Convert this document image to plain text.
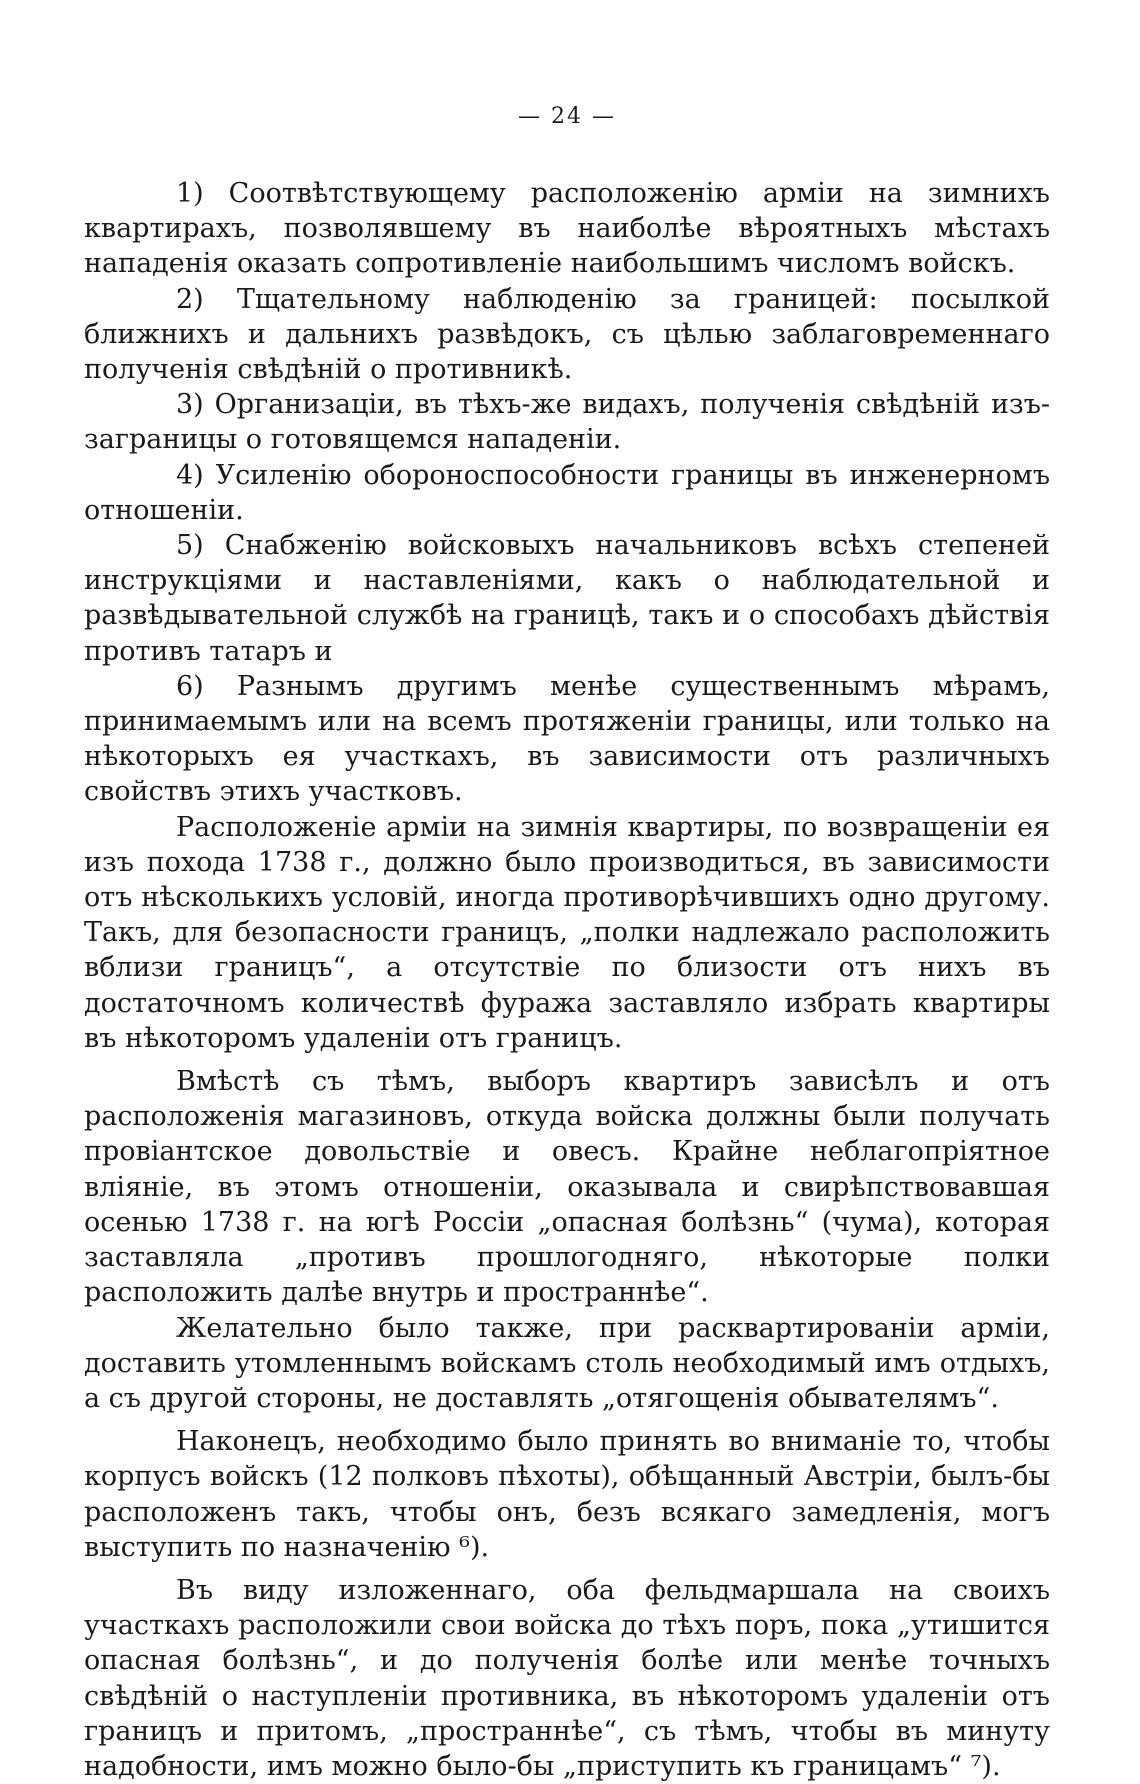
— 24 —

1) Соотвѣтствующему расположенію арміи на зимнихъ квартирахъ, позволявшему въ наиболѣе вѣроятныхъ мѣстахъ нападенія оказать сопротивленіе наибольшимъ числомъ войскъ.

2) Тщательному наблюденію за границей: посылкой ближнихъ и дальнихъ развѣдокъ, съ цѣлью заблаговременнаго полученія свѣдѣній о противникѣ.

3) Организаціи, въ тѣхъ-же видахъ, полученія свѣдѣній изъ-заграницы о готовящемся нападеніи.

4) Усиленію обороноспособности границы въ инженерномъ отношеніи.

5) Снабженію войсковыхъ начальниковъ всѣхъ степеней инструкціями и наставленіями, какъ о наблюдательной и развѣдывательной службѣ на границѣ, такъ и о способахъ дѣйствія противъ татаръ и

6) Разнымъ другимъ менѣе существеннымъ мѣрамъ, принимаемымъ или на всемъ протяженіи границы, или только на нѣкоторыхъ ея участкахъ, въ зависимости отъ различныхъ свойствъ этихъ участковъ.

Расположеніе арміи на зимнія квартиры, по возвращеніи ея изъ похода 1738 г., должно было производиться, въ зависимости отъ нѣсколькихъ условій, иногда противорѣчившихъ одно другому. Такъ, для безопасности границъ, „полки надлежало расположить вблизи границъ“, а отсутствіе по близости отъ нихъ въ достаточномъ количествѣ фуража заставляло избрать квартиры въ нѣкоторомъ удаленіи отъ границъ.

Вмѣстѣ съ тѣмъ, выборъ квартиръ зависѣлъ и отъ расположенія магазиновъ, откуда войска должны были получать провіантское довольствіе и овесъ. Крайне неблагопріятное вліяніе, въ этомъ отношеніи, оказывала и свирѣпствовавшая осенью 1738 г. на югѣ Россіи „опасная болѣзнь“ (чума), которая заставляла „противъ прошлогодняго, нѣкоторые полки расположить далѣе внутрь и пространнѣе“.

Желательно было также, при расквартированіи арміи, доставить утомленнымъ войскамъ столь необходимый имъ отдыхъ, а съ другой стороны, не доставлять „отягощенія обывателямъ“.

Наконецъ, необходимо было принять во вниманіе то, чтобы корпусъ войскъ (12 полковъ пѣхоты), обѣщанный Австріи, былъ-бы расположенъ такъ, чтобы онъ, безъ всякаго замедленія, могъ выступить по назначенію ⁶).

Въ виду изложеннаго, оба фельдмаршала на своихъ участкахъ расположили свои войска до тѣхъ поръ, пока „утишится опасная болѣзнь“, и до полученія болѣе или менѣе точныхъ свѣдѣній о наступленіи противника, въ нѣкоторомъ удаленіи отъ границъ и притомъ, „пространнѣе“, съ тѣмъ, чтобы въ минуту надобности, имъ можно было-бы „приступить къ границамъ“ ⁷).
